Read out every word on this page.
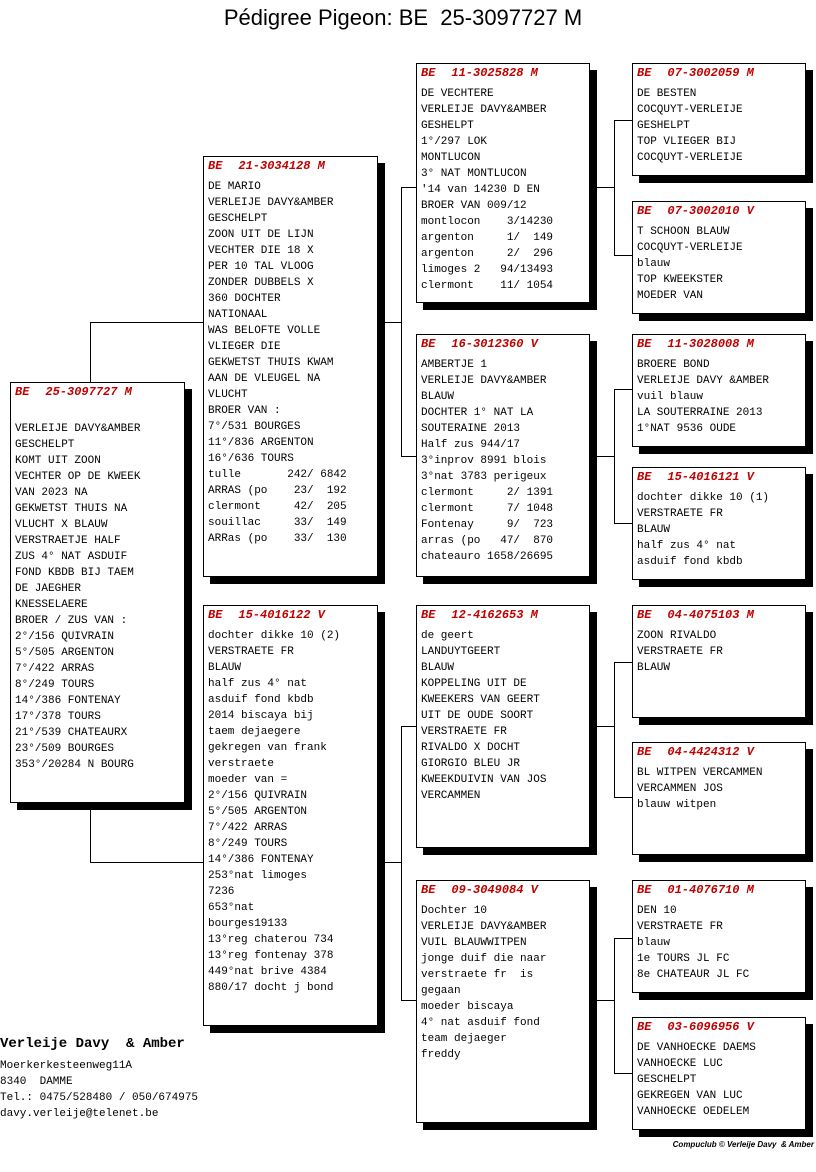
Pédigree Pigeon: BE  25-3097727 M
BE 25-3097727 M
VERLEIJE DAVY&AMBER
GESCHELPT
KOMT UIT ZOON
VECHTER OP DE KWEEK
VAN 2023 NA
GEKWETST THUIS NA
VLUCHT X BLAUW
VERSTRAETJE HALF
ZUS 4° NAT ASDUIF
FOND KBDB BIJ TAEM
DE JAEGHER
KNESSELAERE
BROER / ZUS VAN :
2°/156 QUIVRAIN
5°/505 ARGENTON
7°/422 ARRAS
8°/249 TOURS
14°/386 FONTENAY
17°/378 TOURS
21°/539 CHATEAURX
23°/509 BOURGES
353°/20284 N BOURG
BE 21-3034128 M
DE MARIO
VERLEIJE DAVY&AMBER
GESCHELPT
ZOON UIT DE LIJN
VECHTER DIE 18 X
PER 10 TAL VLOOG
ZONDER DUBBELS X
360 DOCHTER
NATIONAAL
WAS BELOFTE VOLLE
VLIEGER DIE
GEKWETST THUIS KWAM
AAN DE VLEUGEL NA
VLUCHT
BROER VAN :
7°/531 BOURGES
11°/836 ARGENTON
16°/636 TOURS
tulle       242/ 6842
ARRAS (po    23/  192
clermont     42/  205
souillac     33/  149
ARRas (po    33/  130
BE 15-4016122 V
dochter dikke 10 (2)
VERSTRAETE FR
BLAUW
half zus 4° nat
asduif fond kbdb
2014 biscaya bij
taem dejaegere
gekregen van frank
verstraete
moeder van =
2°/156 QUIVRAIN
5°/505 ARGENTON
7°/422 ARRAS
8°/249 TOURS
14°/386 FONTENAY
253°nat limoges
7236
653°nat
bourges19133
13°reg chaterou 734
13°reg fontenay 378
449°nat brive 4384
880/17 docht j bond
BE 11-3025828 M
DE VECHTERE
VERLEIJE DAVY&AMBER
GESHELPT
1°/297 LOK
MONTLUCON
3° NAT MONTLUCON
'14 van 14230 D EN
BROER VAN 009/12
montlocon    3/14230
argenton     1/  149
argenton     2/  296
limoges 2   94/13493
clermont    11/ 1054
BE 16-3012360 V
AMBERTJE 1
VERLEIJE DAVY&AMBER
BLAUW
DOCHTER 1° NAT LA
SOUTERAINE 2013
Half zus 944/17
3°inprov 8991 blois
3°nat 3783 perigeux
clermont     2/ 1391
clermont     7/ 1048
Fontenay     9/  723
arras (po   47/  870
chateauro 1658/26695
BE 12-4162653 M
de geert
LANDUYTGEERT
BLAUW
KOPPELING UIT DE
KWEEKERS VAN GEERT
UIT DE OUDE SOORT
VERSTRAETE FR
RIVALDO X DOCHT
GIORGIO BLEU JR
KWEEKDUIVIN VAN JOS
VERCAMMEN
BE 09-3049084 V
Dochter 10
VERLEIJE DAVY&AMBER
VUIL BLAUWWITPEN
jonge duif die naar
verstraete fr  is
gegaan
moeder biscaya
4° nat asduif fond
team dejaeger
freddy
BE 07-3002059 M
DE BESTEN
COCQUYT-VERLEIJE
GESHELPT
TOP VLIEGER BIJ
COCQUYT-VERLEIJE
BE 07-3002010 V
T SCHOON BLAUW
COCQUYT-VERLEIJE
blauw
TOP KWEEKSTER
MOEDER VAN
BE 11-3028008 M
BROERE BOND
VERLEIJE DAVY &AMBER
vuil blauw
LA SOUTERRAINE 2013
1°NAT 9536 OUDE
BE 15-4016121 V
dochter dikke 10 (1)
VERSTRAETE FR
BLAUW
half zus 4° nat
asduif fond kbdb
BE 04-4075103 M
ZOON RIVALDO
VERSTRAETE FR
BLAUW
BE 04-4424312 V
BL WITPEN VERCAMMEN
VERCAMMEN JOS
blauw witpen
BE 01-4076710 M
DEN 10
VERSTRAETE FR
blauw
1e TOURS JL FC
8e CHATEAUR JL FC
BE 03-6096956 V
DE VANHOECKE DAEMS
VANHOECKE LUC
GESCHELPT
GEKREGEN VAN LUC
VANHOECKE OEDELEM
Verleije Davy  & Amber
Moerkerkesteenweg11A
8340  DAMME
Tel.: 0475/528480 / 050/674975
davy.verleije@telenet.be
Compuclub © Verleije Davy  & Amber
